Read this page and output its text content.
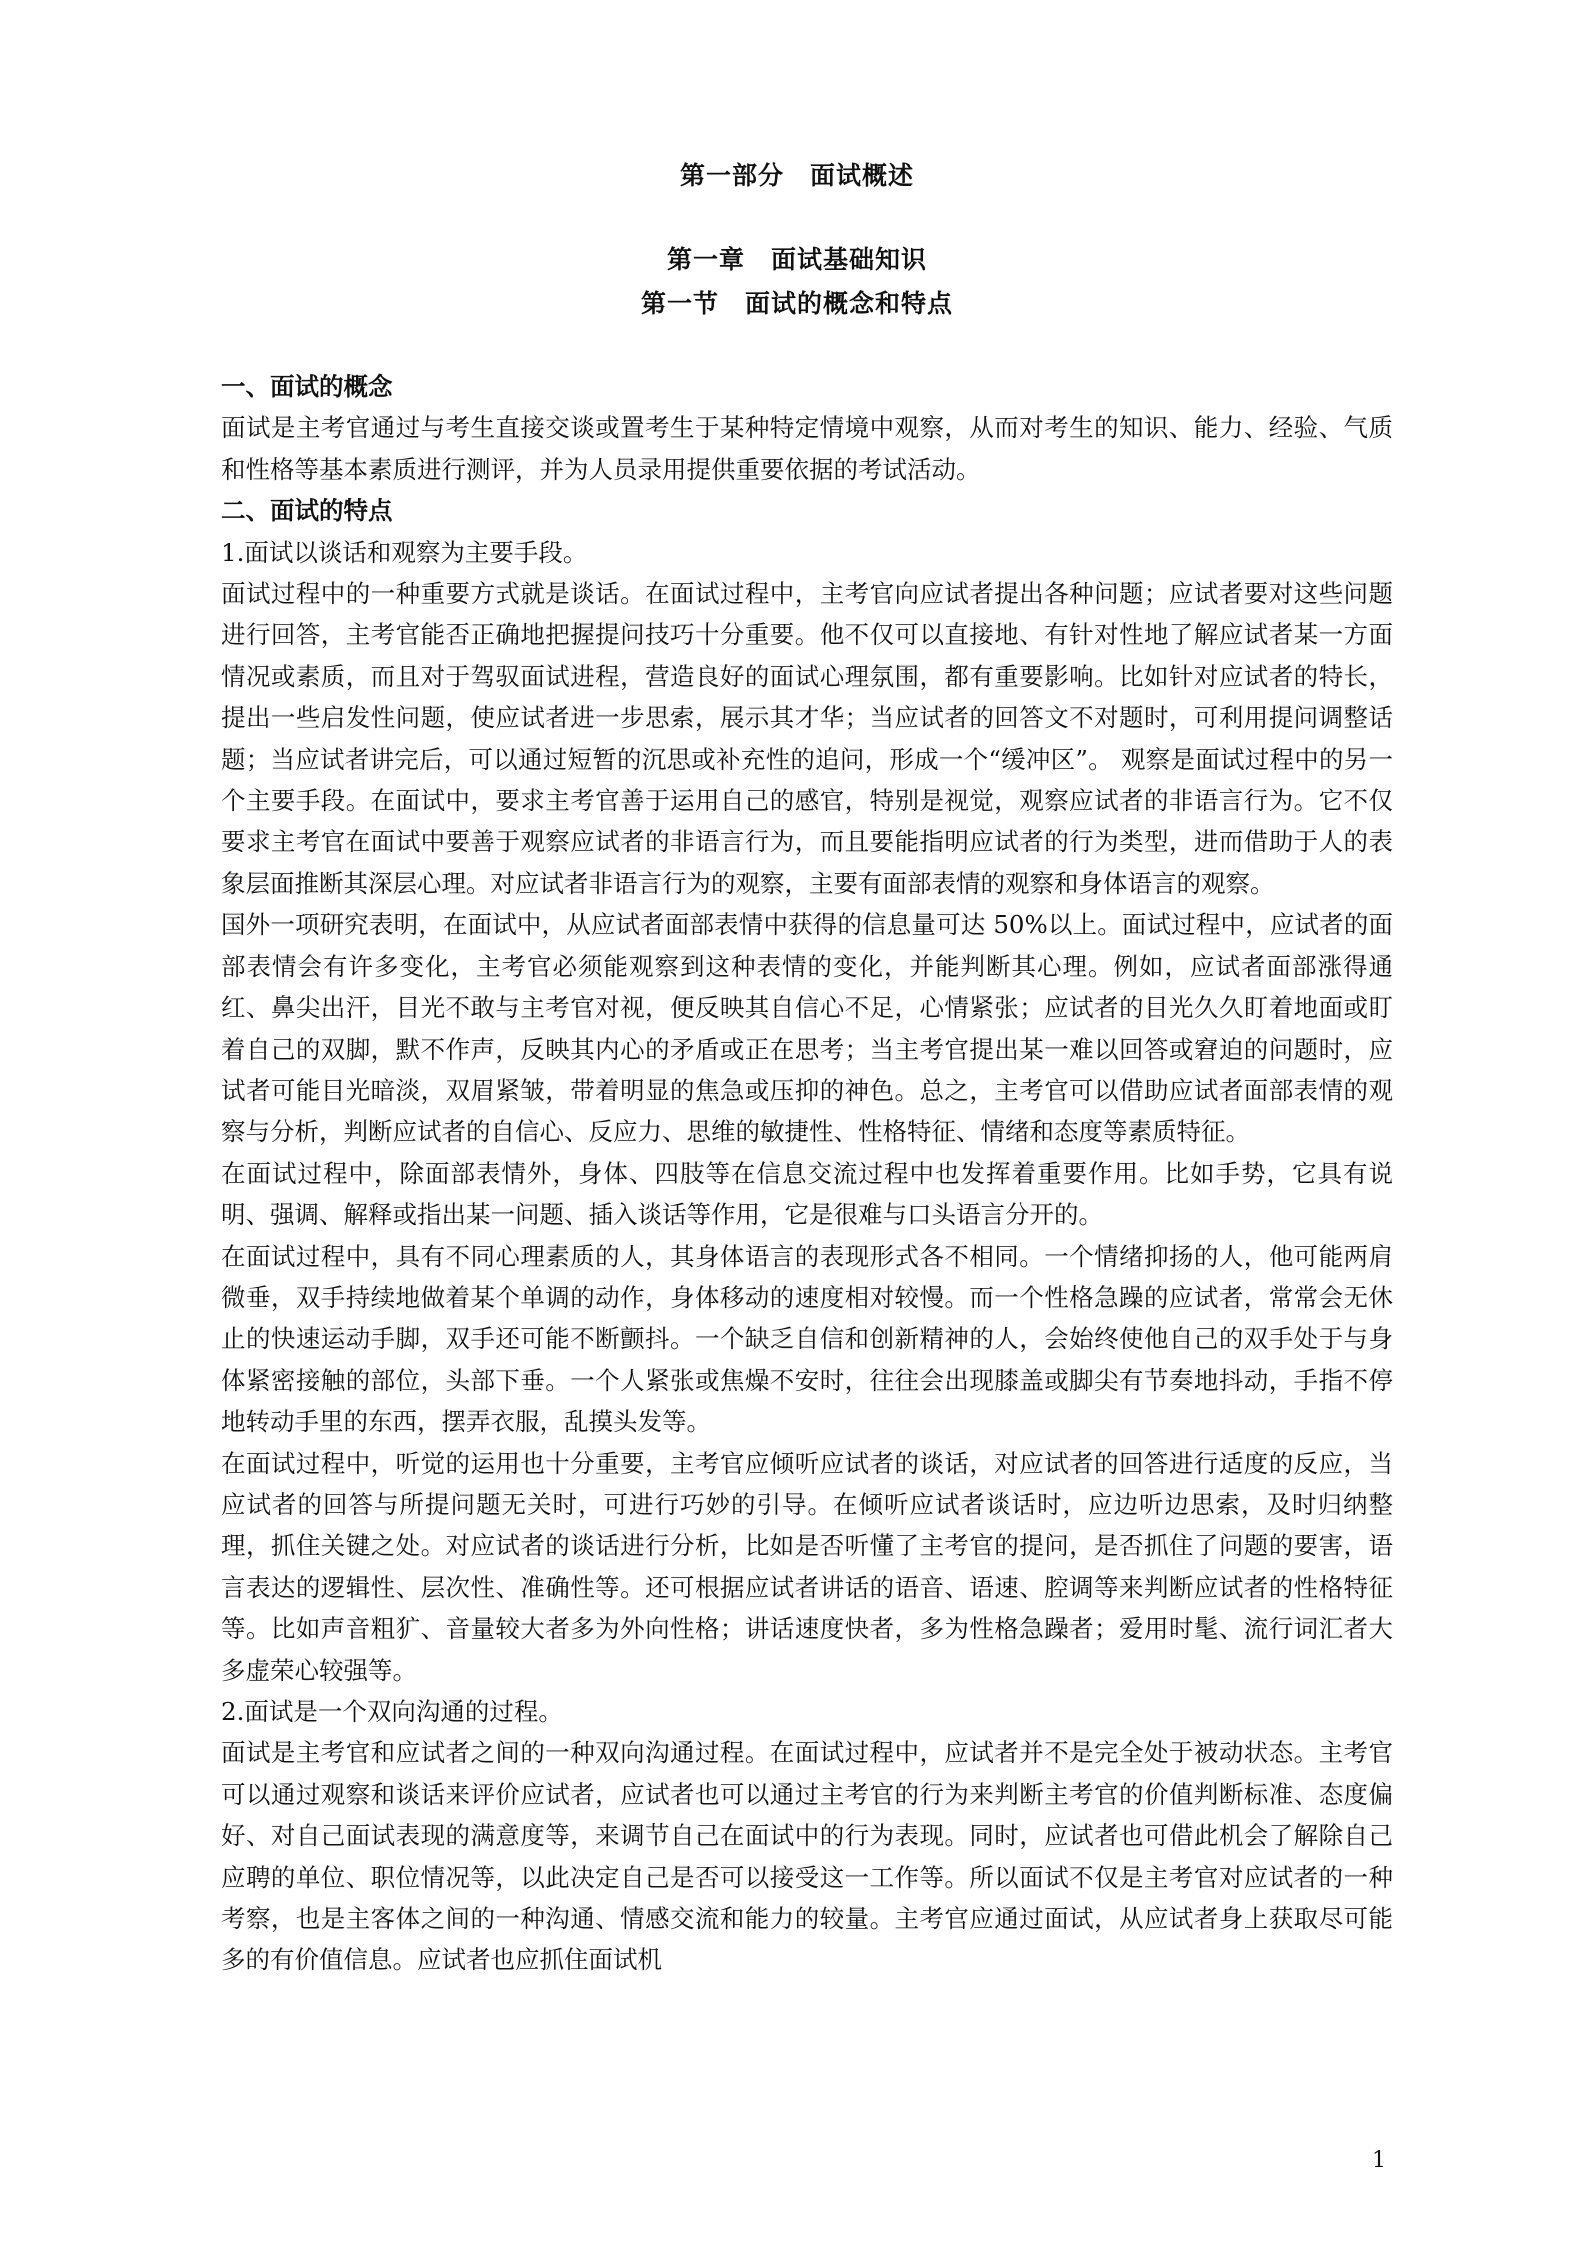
第一部分　面试概述
第一章　面试基础知识
第一节　面试的概念和特点

一、面试的概念

面试是主考官通过与考生直接交谈或置考生于某种特定情境中观察，从而对考生的知识、能力、经验、气质和性格等基本素质进行测评，并为人员录用提供重要依据的考试活动。

二、面试的特点

1.面试以谈话和观察为主要手段。

面试过程中的一种重要方式就是谈话。在面试过程中，主考官向应试者提出各种问题；应试者要对这些问题进行回答，主考官能否正确地把握提问技巧十分重要。他不仅可以直接地、有针对性地了解应试者某一方面情况或素质，而且对于驾驭面试进程，营造良好的面试心理氛围，都有重要影响。比如针对应试者的特长，提出一些启发性问题，使应试者进一步思索，展示其才华；当应试者的回答文不对题时，可利用提问调整话题；当应试者讲完后，可以通过短暂的沉思或补充性的追问，形成一个“缓冲区”。 观察是面试过程中的另一个主要手段。在面试中，要求主考官善于运用自己的感官，特别是视觉，观察应试者的非语言行为。它不仅要求主考官在面试中要善于观察应试者的非语言行为，而且要能指明应试者的行为类型，进而借助于人的表象层面推断其深层心理。对应试者非语言行为的观察，主要有面部表情的观察和身体语言的观察。

国外一项研究表明，在面试中，从应试者面部表情中获得的信息量可达 50%以上。面试过程中，应试者的面部表情会有许多变化，主考官必须能观察到这种表情的变化，并能判断其心理。例如，应试者面部涨得通红、鼻尖出汗，目光不敢与主考官对视，便反映其自信心不足，心情紧张；应试者的目光久久盯着地面或盯着自己的双脚，默不作声，反映其内心的矛盾或正在思考；当主考官提出某一难以回答或窘迫的问题时，应试者可能目光暗淡，双眉紧皱，带着明显的焦急或压抑的神色。总之，主考官可以借助应试者面部表情的观察与分析，判断应试者的自信心、反应力、思维的敏捷性、性格特征、情绪和态度等素质特征。

在面试过程中，除面部表情外，身体、四肢等在信息交流过程中也发挥着重要作用。比如手势，它具有说明、强调、解释或指出某一问题、插入谈话等作用，它是很难与口头语言分开的。

在面试过程中，具有不同心理素质的人，其身体语言的表现形式各不相同。一个情绪抑扬的人，他可能两肩微垂，双手持续地做着某个单调的动作，身体移动的速度相对较慢。而一个性格急躁的应试者，常常会无休止的快速运动手脚，双手还可能不断颤抖。一个缺乏自信和创新精神的人，会始终使他自己的双手处于与身体紧密接触的部位，头部下垂。一个人紧张或焦燥不安时，往往会出现膝盖或脚尖有节奏地抖动，手指不停地转动手里的东西，摆弄衣服，乱摸头发等。

在面试过程中，听觉的运用也十分重要，主考官应倾听应试者的谈话，对应试者的回答进行适度的反应，当应试者的回答与所提问题无关时，可进行巧妙的引导。在倾听应试者谈话时，应边听边思索，及时归纳整理，抓住关键之处。对应试者的谈话进行分析，比如是否听懂了主考官的提问，是否抓住了问题的要害，语言表达的逻辑性、层次性、准确性等。还可根据应试者讲话的语音、语速、腔调等来判断应试者的性格特征等。比如声音粗犷、音量较大者多为外向性格；讲话速度快者，多为性格急躁者；爱用时髦、流行词汇者大多虚荣心较强等。

2.面试是一个双向沟通的过程。

面试是主考官和应试者之间的一种双向沟通过程。在面试过程中，应试者并不是完全处于被动状态。主考官可以通过观察和谈话来评价应试者，应试者也可以通过主考官的行为来判断主考官的价值判断标准、态度偏好、对自己面试表现的满意度等，来调节自己在面试中的行为表现。同时，应试者也可借此机会了解除自己应聘的单位、职位情况等，以此决定自己是否可以接受这一工作等。所以面试不仅是主考官对应试者的一种考察，也是主客体之间的一种沟通、情感交流和能力的较量。主考官应通过面试，从应试者身上获取尽可能多的有价值信息。应试者也应抓住面试机

1
